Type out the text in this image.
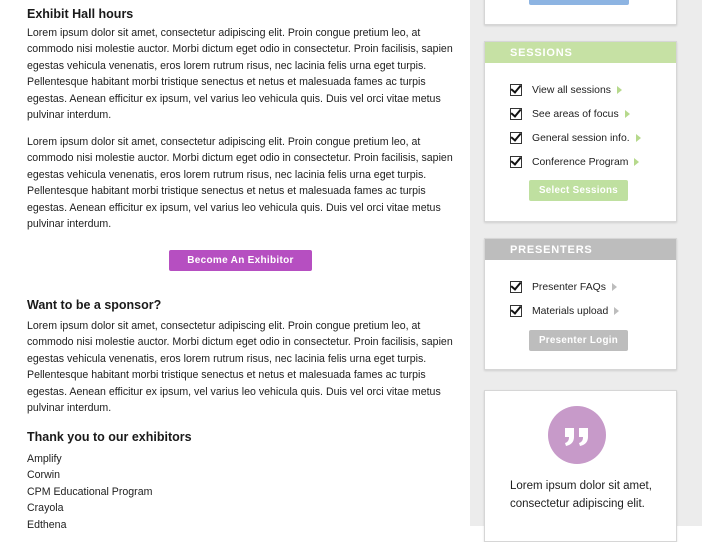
Exhibit Hall hours

Lorem ipsum dolor sit amet, consectetur adipiscing elit. Proin congue pretium leo, at commodo nisi molestie auctor. Morbi dictum eget odio in consectetur. Proin facilisis, sapien egestas vehicula venenatis, eros lorem rutrum risus, nec lacinia felis urna eget turpis. Pellentesque habitant morbi tristique senectus et netus et malesuada fames ac turpis egestas. Aenean efficitur ex ipsum, vel varius leo vehicula quis. Duis vel orci vitae metus pulvinar interdum.

Lorem ipsum dolor sit amet, consectetur adipiscing elit. Proin congue pretium leo, at commodo nisi molestie auctor. Morbi dictum eget odio in consectetur. Proin facilisis, sapien egestas vehicula venenatis, eros lorem rutrum risus, nec lacinia felis urna eget turpis. Pellentesque habitant morbi tristique senectus et netus et malesuada fames ac turpis egestas. Aenean efficitur ex ipsum, vel varius leo vehicula quis. Duis vel orci vitae metus pulvinar interdum.

Become An Exhibitor
Want to be a sponsor?

Lorem ipsum dolor sit amet, consectetur adipiscing elit. Proin congue pretium leo, at commodo nisi molestie auctor. Morbi dictum eget odio in consectetur. Proin facilisis, sapien egestas vehicula venenatis, eros lorem rutrum risus, nec lacinia felis urna eget turpis. Pellentesque habitant morbi tristique senectus et netus et malesuada fames ac turpis egestas. Aenean efficitur ex ipsum, vel varius leo vehicula quis. Duis vel orci vitae metus pulvinar interdum.

Thank you to our exhibitors
Amplify
Corwin
CPM Educational Program
Crayola
Edthena
SESSIONS
View all sessions
See areas of focus
General session info.
Conference Program
Select Sessions
PRESENTERS
Presenter FAQs
Materials upload
Presenter Login

Lorem ipsum dolor sit amet, consectetur adipiscing elit.
